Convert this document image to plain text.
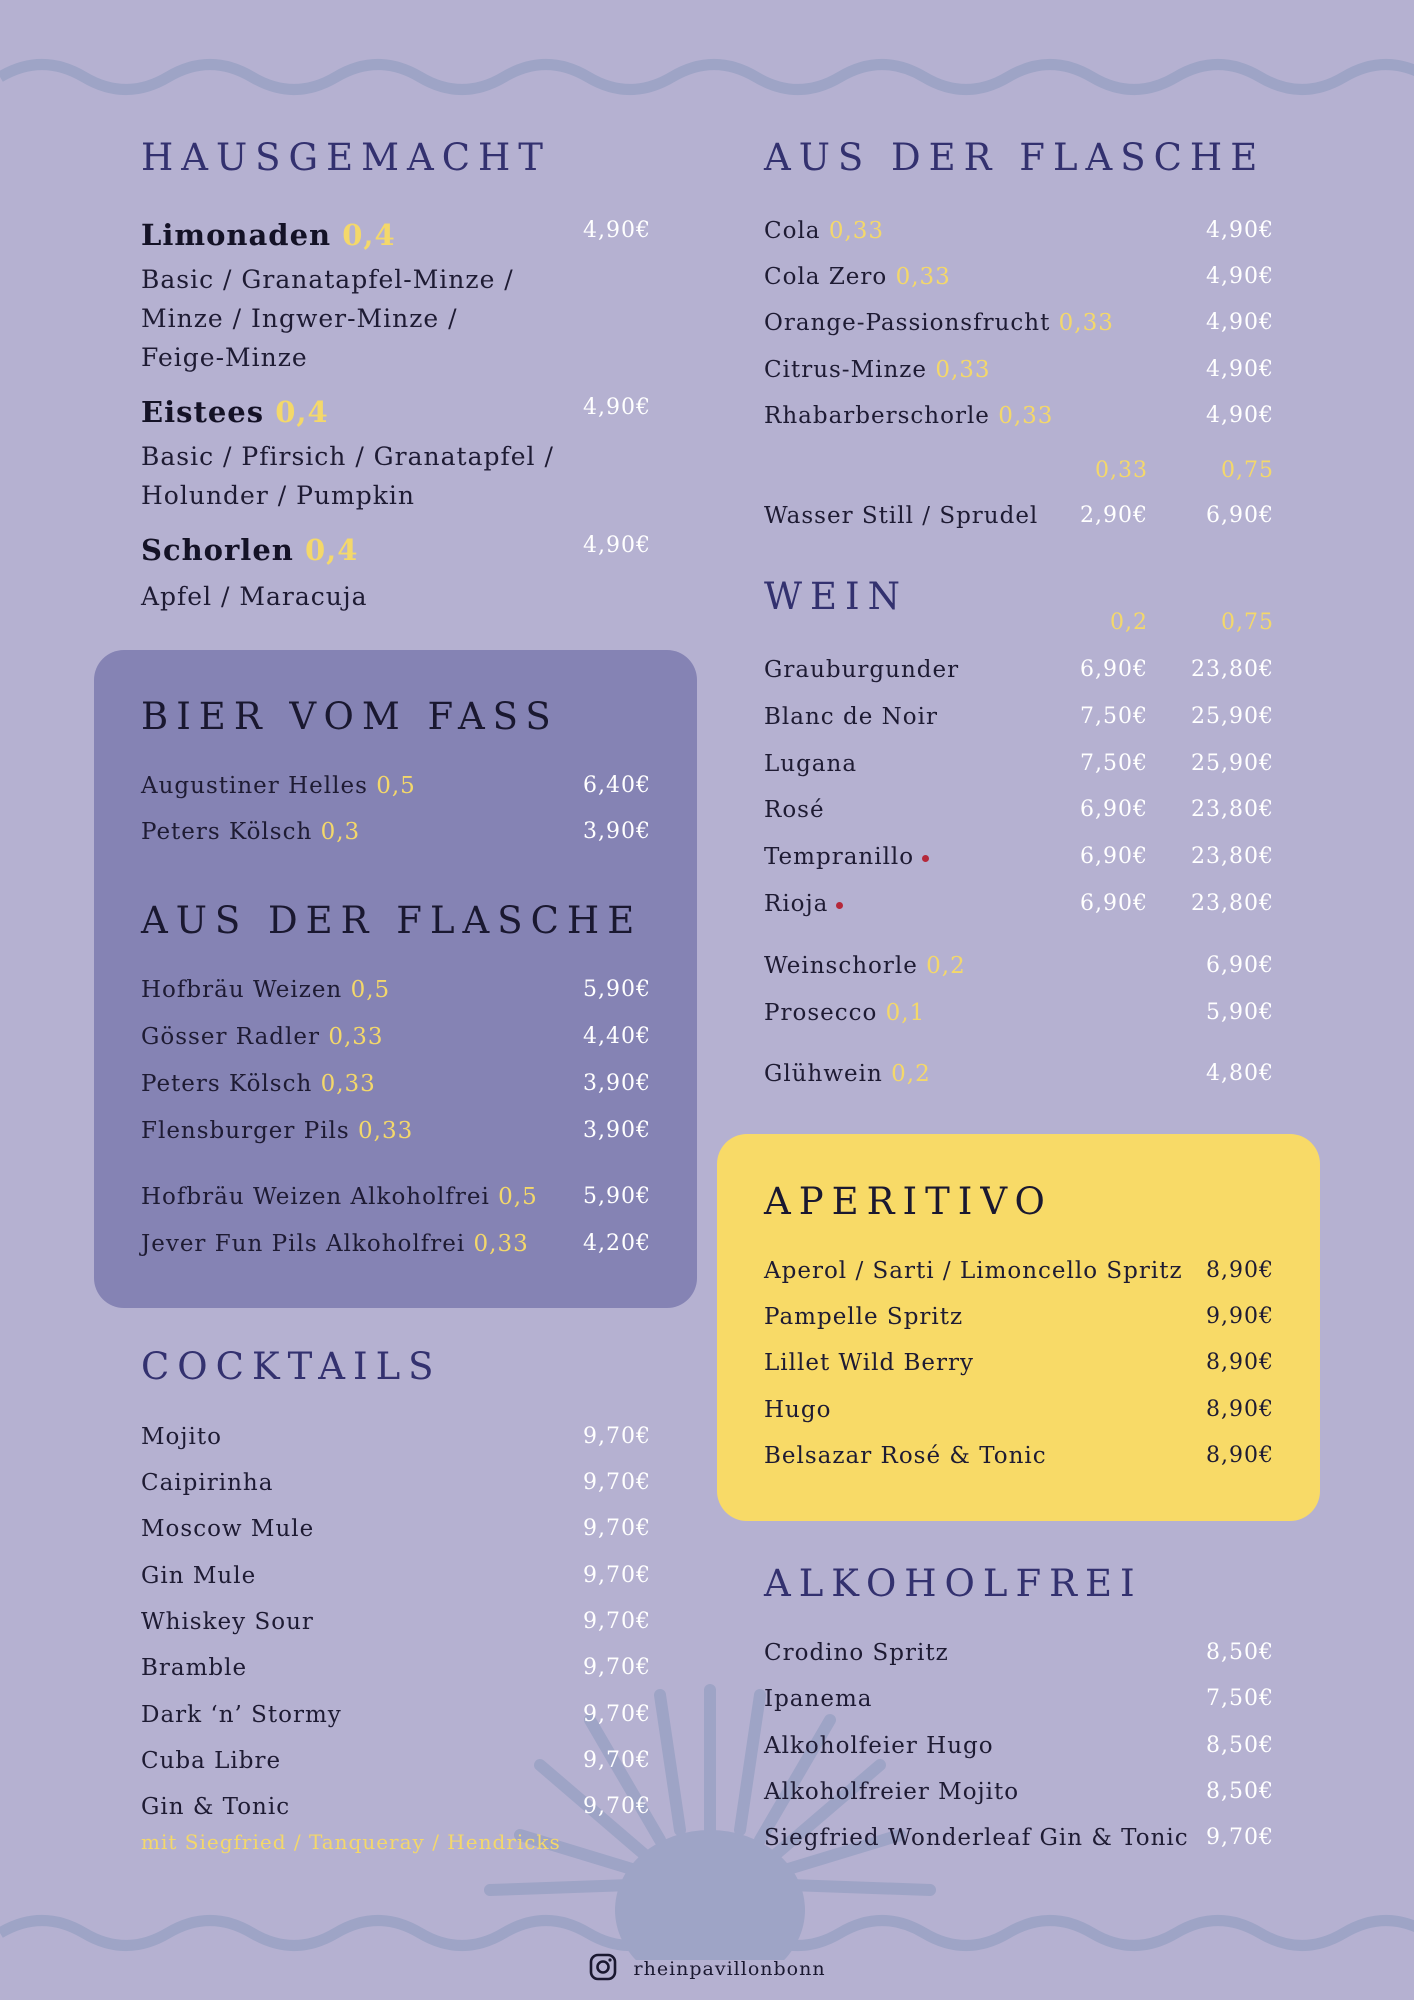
HAUSGEMACHT
Limonaden 0,4	4,90€

Basic / Granatapfel-Minze /
Minze / Ingwer-Minze /
Feige-Minze

Eistees 0,4	4,90€

Basic / Pfirsich / Granatapfel /
Holunder / Pumpkin

Schorlen 0,4	4,90€

Apfel / Maracuja

BIER VOM FASS
Augustiner Helles 0,5	6,40€
Peters Kölsch 0,3	3,90€
AUS DER FLASCHE
Hofbräu Weizen 0,5	5,90€
Gösser Radler 0,33	4,40€
Peters Kölsch 0,33	3,90€
Flensburger Pils 0,33	3,90€
Hofbräu Weizen Alkoholfrei 0,5 5,90€
Jever Fun Pils Alkoholfrei 0,33 4,20€
COCKTAILS
Mojito	9,70€
Caipirinha	9,70€
Moscow Mule	9,70€
Gin Mule	9,70€
Whiskey Sour	9,70€
Bramble	9,70€
Dark ‘n’ Stormy	9,70€
Cuba Libre	9,70€
Gin & Tonic	9,70€
mit Siegfried / Tanqueray / Hendricks
AUS DER FLASCHE
Cola 0,33	4,90€
Cola Zero 0,33	4,90€
Orange-Passionsfrucht 0,33	4,90€
Citrus-Minze 0,33	4,90€
Rhabarberschorle 0,33	4,90€
0,33	0,75
Wasser Still / Sprudel 2,90€	6,90€
WEIN
0,2	0,75
Grauburgunder	6,90€ 23,80€
Blanc de Noir	7,50€ 25,90€
Lugana	7,50€ 25,90€
Rosé	6,90€ 23,80€
Tempranillo	6,90€ 23,80€
Rioja	6,90€ 23,80€
Weinschorle 0,2	6,90€
Prosecco 0,1	5,90€
Glühwein 0,2	4,80€
APERITIVO
Aperol / Sarti / Limoncello Spritz 8,90€
Pampelle Spritz	9,90€
Lillet Wild Berry	8,90€
Hugo	8,90€
Belsazar Rosé & Tonic	8,90€
ALKOHOLFREI
Crodino Spritz	8,50€
Ipanema	7,50€
Alkoholfeier Hugo	8,50€
Alkoholfreier Mojito	8,50€
Siegfried Wonderleaf Gin & Tonic 9,70€
rheinpavillonbonn
